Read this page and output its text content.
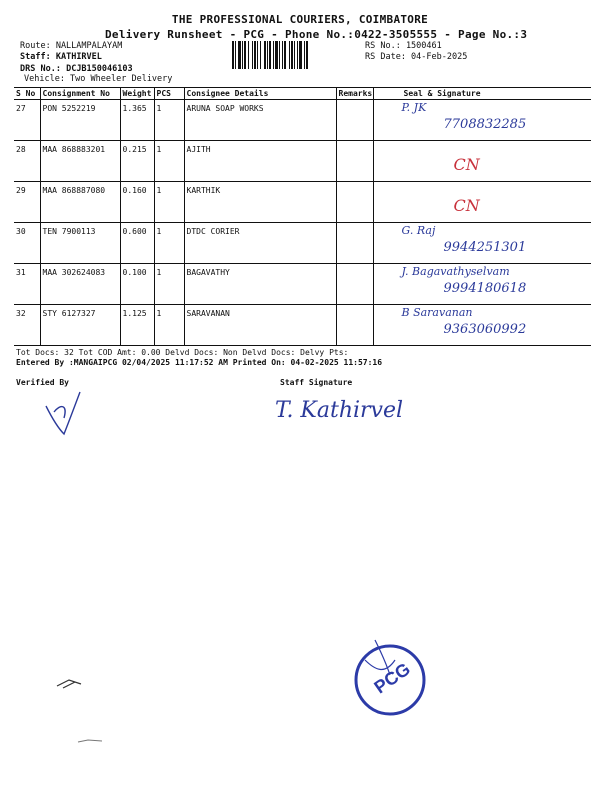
THE PROFESSIONAL COURIERS, COIMBATORE
Delivery Runsheet - PCG - Phone No.:0422-3505555 - Page No.:3
Route: NALLAMPALAYAM
Staff: KATHIRVEL
DRS No.: DCJB150046103
Vehicle: Two Wheeler Delivery
RS No.: 1500461
RS Date: 04-Feb-2025
S No	Consignment No	Weight	PCS	Consignee Details	Remarks	Seal & Signature
27	PON 5252219	1.365	1	ARUNA SOAP WORKS		P. JK
7708832285

28	MAA 868883201	0.215	1	AJITH		CN

29	MAA 868887080	0.160	1	KARTHIK		CN

30	TEN 7900113	0.600	1	DTDC CORIER		G. Raj
9944251301

31	MAA 302624083	0.100	1	BAGAVATHY		J. Bagavathyselvam
9994180618

32	STY 6127327	1.125	1	SARAVANAN		B Saravanan
9363060992
Tot Docs: 32 Tot COD Amt: 0.00 Delvd Docs: Non Delvd Docs: Delvy Pts:
Entered By :MANGAIPCG 02/04/2025 11:17:52 AM Printed On: 04-02-2025 11:57:16
Verified By	Staff Signature
T. Kathirvel
PCG
